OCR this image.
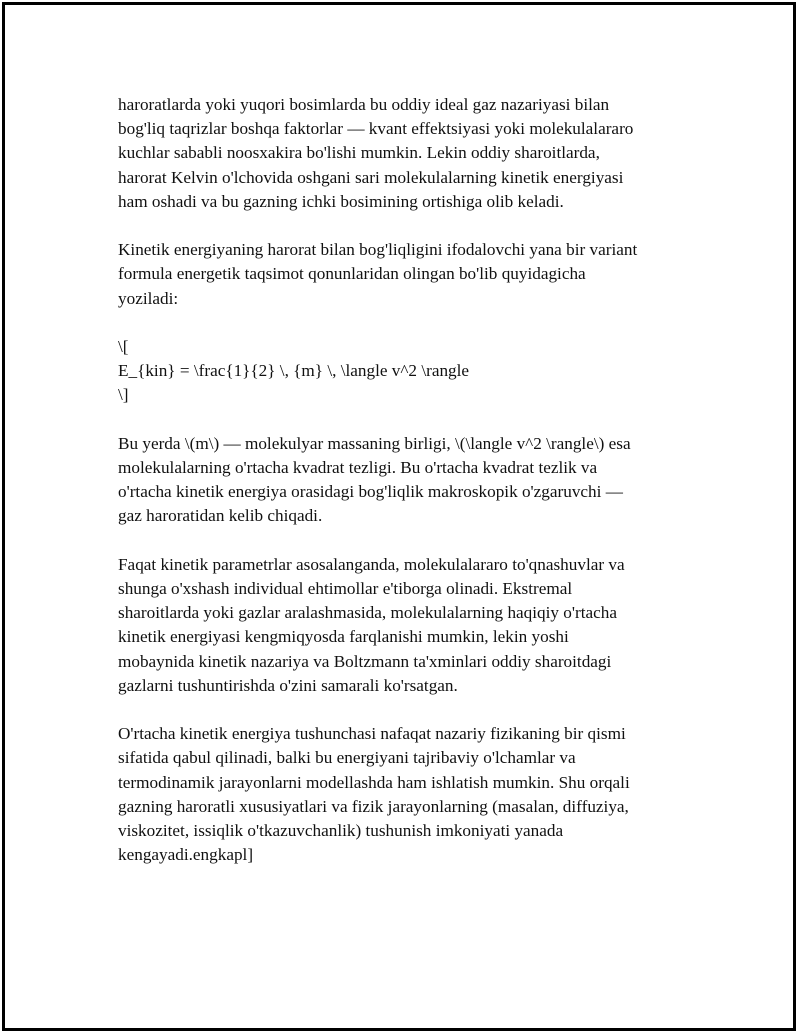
haroratlarda yoki yuqori bosimlarda bu oddiy ideal gaz nazariyasi bilan
bog'liq taqrizlar boshqa faktorlar — kvant effektsiyasi yoki molekulalararo
kuchlar sababli noosxakira bo'lishi mumkin. Lekin oddiy sharoitlarda,
harorat Kelvin o'lchovida oshgani sari molekulalarning kinetik energiyasi
ham oshadi va bu gazning ichki bosimining ortishiga olib keladi.

Kinetik energiyaning harorat bilan bog'liqligini ifodalovchi yana bir variant
formula energetik taqsimot qonunlaridan olingan bo'lib quyidagicha
yoziladi:

\[
E_{kin} = \frac{1}{2} \, {m} \, \langle v^2 \rangle
\]

Bu yerda \(m\) — molekulyar massaning birligi, \(\langle v^2 \rangle\) esa
molekulalarning o'rtacha kvadrat tezligi. Bu o'rtacha kvadrat tezlik va
o'rtacha kinetik energiya orasidagi bog'liqlik makroskopik o'zgaruvchi —
gaz haroratidan kelib chiqadi.

Faqat kinetik parametrlar asosalanganda, molekulalararo to'qnashuvlar va
shunga o'xshash individual ehtimollar e'tiborga olinadi. Ekstremal
sharoitlarda yoki gazlar aralashmasida, molekulalarning haqiqiy o'rtacha
kinetik energiyasi kengmiqyosda farqlanishi mumkin, lekin yoshi
mobaynida kinetik nazariya va Boltzmann ta'xminlari oddiy sharoitdagi
gazlarni tushuntirishda o'zini samarali ko'rsatgan.

O'rtacha kinetik energiya tushunchasi nafaqat nazariy fizikaning bir qismi
sifatida qabul qilinadi, balki bu energiyani tajribaviy o'lchamlar va
termodinamik jarayonlarni modellashda ham ishlatish mumkin. Shu orqali
gazning haroratli xususiyatlari va fizik jarayonlarning (masalan, diffuziya,
viskozitet, issiqlik o'tkazuvchanlik) tushunish imkoniyati yanada
kengayadi.engkapl]
